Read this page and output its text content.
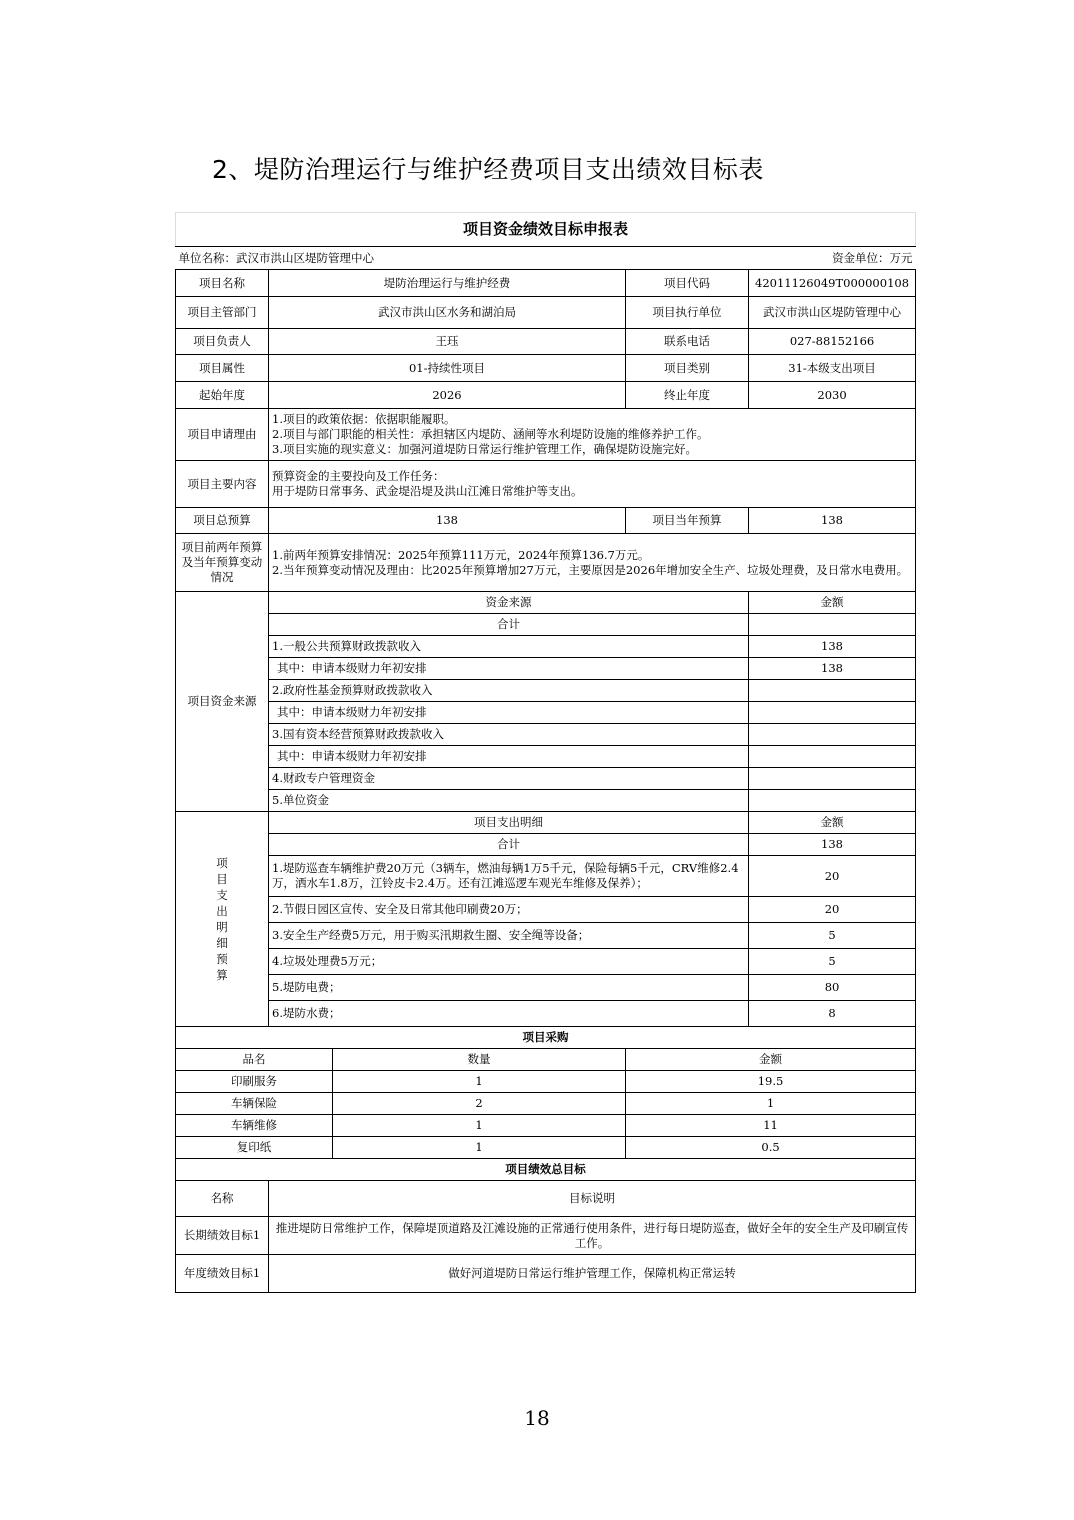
2、堤防治理运行与维护经费项目支出绩效目标表
项目资金绩效目标申报表				
单位名称：武汉市洪山区堤防管理中心				资金单位：万元
项目名称	堤防治理运行与维护经费		项目代码	42011126049T000000108
项目主管部门	武汉市洪山区水务和湖泊局		项目执行单位	武汉市洪山区堤防管理中心
项目负责人	王珏		联系电话	027-88152166
项目属性	01-持续性项目		项目类别	31-本级支出项目
起始年度	2026		终止年度	2030
项目申请理由	1.项目的政策依据：依据职能履职。
2.项目与部门职能的相关性：承担辖区内堤防、涵闸等水利堤防设施的维修养护工作。
3.项目实施的现实意义：加强河道堤防日常运行维护管理工作，确保堤防设施完好。			

项目主要内容	预算资金的主要投向及工作任务：
用于堤防日常事务、武金堤沿堤及洪山江滩日常维护等支出。			

项目总预算	138		项目当年预算	138
项目前两年预算及当年预算变动情况	1.前两年预算安排情况：2025年预算111万元，2024年预算136.7万元。
2.当年预算变动情况及理由：比2025年预算增加27万元，主要原因是2026年增加安全生产、垃圾处理费，及日常水电费用。			

项目资金来源	资金来源			金额
	合计			
	1.一般公共预算财政拨款收入			138
	其中：申请本级财力年初安排			138
	2.政府性基金预算财政拨款收入			
	其中：申请本级财力年初安排			
	3.国有资本经营预算财政拨款收入			
	其中：申请本级财力年初安排			
	4.财政专户管理资金			
	5.单位资金			

项目支出明细预算	项目支出明细			金额
	合计			138
	1.堤防巡查车辆维护费20万元（3辆车，燃油每辆1万5千元，保险每辆5千元，CRV维修2.4万，洒水车1.8万，江铃皮卡2.4万。还有江滩巡逻车观光车维修及保养）；			20
	2.节假日园区宣传、安全及日常其他印刷费20万；			20
	3.安全生产经费5万元，用于购买汛期救生圈、安全绳等设备；			5
	4.垃圾处理费5万元；			5
	5.堤防电费；			80
	6.堤防水费；			8
项目采购				
品名		数量	金额	
印刷服务		1	19.5	
车辆保险		2	1	
车辆维修		1	11	
复印纸		1	0.5	
项目绩效总目标				
名称	目标说明			
长期绩效目标1	推进堤防日常维护工作，保障堤顶道路及江滩设施的正常通行使用条件，进行每日堤防巡查，做好全年的安全生产及印刷宣传工作。			
年度绩效目标1	做好河道堤防日常运行维护管理工作，保障机构正常运转			
18
